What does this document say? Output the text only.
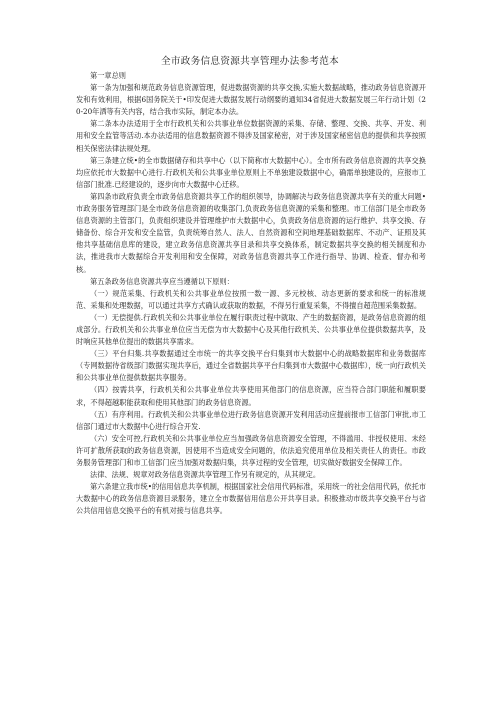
全市政务信息资源共享管理办法参考范本

第一章总则

第一条为加强和规范政务信息资源管理，促进数据资源的共享交换,实施大数据战略，推动政务信息资源开发和有效利用，根据6国务院关于•印发促进大数据发展行动纲要的通知34省促进大数据发展三年行动计划（20-20年洒等有关内容，结合我市实际，制定本办法。

第二条本办法适用于全市行政机关和公共事业单位数据资源的采集、存储、整理、交换、共享、开发、利用和安全监管等活动.本办法适用的信息数据资源不得涉及国家秘密，对于涉及国家秘密信息的提供和共享按照相关保密法律法规处理。

第三条建立统•的全市数据储存和共享中心（以下简称市大数据中心）。全市所有政务信息资源的共享交换均应依托市大数据中心进行.行政机关和公共事业单位原则上不单独建设数据中心，确需单独建设的，应报市工信部门批准.已经建设的，逐步向市大数据中心迁移。

第四条市政府负责全市政务信息资源共享工作的组织领导，协调解决与政务信息资源共享有关的重大问题•市政务服务管理部门是全市政务信息资源的收集部门,负责政务信息资源的采集和整理。市工信部门是全市政务信息资源的主管部门，负责组织建设并管理维护市大数据中心，负责政务信息资源的运行维护、共享交换、存储备份、综合开发和安全监管，负责统筹自然人、法人、自然资源和空间地理基础数据库、不动产、证照及其他共享基础信息库的建设，建立政务信息资源共享目录和共享交换体系，制定数据共享交换的相关制度和办法，推进我市大数据综合开发利用和安全保障，对政务信息资源共享工作进行指导、协调、检查、督办和考核。

第五条政务信息资源共享应当遵循以下原则：

（一）规范采集、行政机关和公共事业单位按照一数一源、多元校核、动态更新的要求和统一的标准规范、采集和处理数据，可以通过共享方式确认或获取的数据，不得另行重复采集，不得擅自超范围采集数据。

（一）无偿提供.行政机关和公共事业单位在履行职责过程中就取、产生的数据资源，是政务信息资源的组成部分。行政机关和公共事业单位应当无偿为市大数据中心及其他行政机关、公共事业单位提供数据共享，及时响应其他单位提出的数据共享需求。

（三）平台归集.共享数据通过全市统一的共享交换平台归集到市大数据中心的战略数据库和业务数据库（专网数据待省级部门数据实现共享后，通过全省数据共享平台归集到市大数据中心数据库），统一向行政机关和公共事业单位提供数据共享服务。

（四）按需共享，行政机关和公共事业单位共享使用其他部门的信息资源，应当符合部门职能和履职要求，不得超越职能获取和使用其他部门的政务信息资源。

（五）有序利用。行政机关和公共事业单位进行政务信息资源开发利用活动应提前报市工信部门审批,市工信部门通过市大数据中心进行综合开发.

（六）安全可控,行政机关和公共事业单位应当加强政务信息资源安全管理，不得滥用、非授权使用、未经许可扩散所获取的政务信息资源，因使用不当造成安全问题的，依法追究使用单位及相关责任人的责任。市政务服务管理部门和市工信部门应当加强对数据归集，共享过程的安全管理，切实做好数据安全保障工作。

法律、法规、规章对政务信息资源共享管理工作另有规定的，从其规定。

第六条建立我市统•的信用信息共享机制，根据国家社会信用代码标准，采用统一的社会信用代码，依托市大数据中心的政务信息资源目录服务，建立全市数据信用信息公开共享目录。积极推动市级共享交换平台与省公共信用信息交换平台的有机对接与信息共享。
